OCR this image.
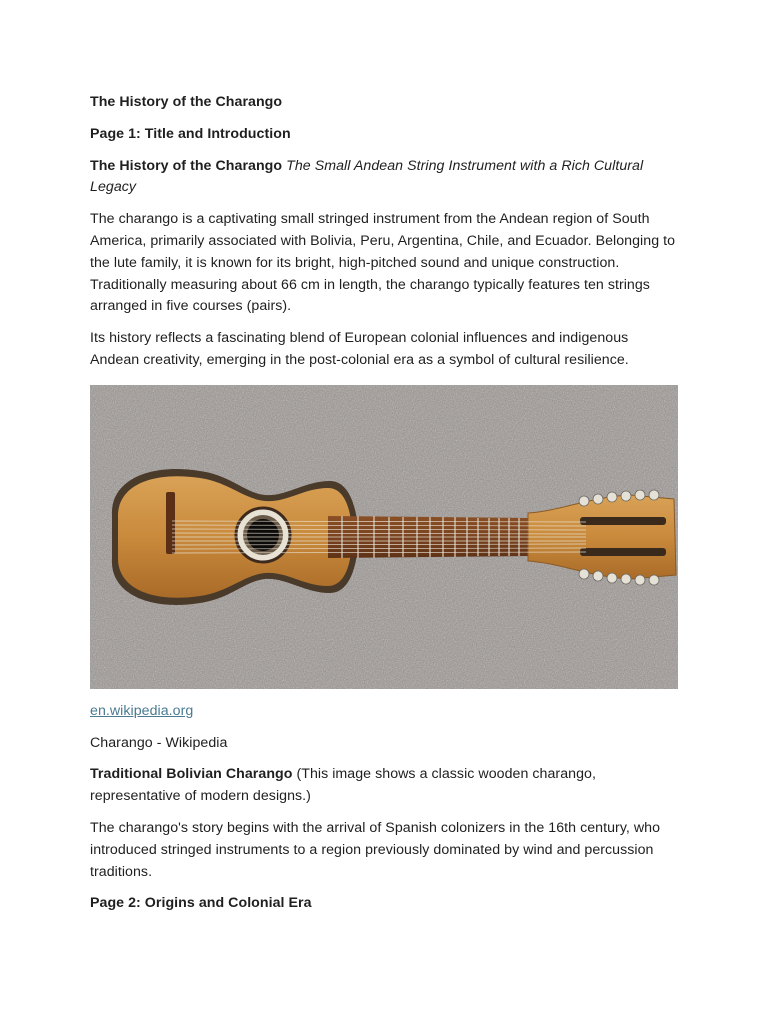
The History of the Charango

Page 1: Title and Introduction

The History of the Charango The Small Andean String Instrument with a Rich Cultural Legacy

The charango is a captivating small stringed instrument from the Andean region of South America, primarily associated with Bolivia, Peru, Argentina, Chile, and Ecuador. Belonging to the lute family, it is known for its bright, high-pitched sound and unique construction. Traditionally measuring about 66 cm in length, the charango typically features ten strings arranged in five courses (pairs).

Its history reflects a fascinating blend of European colonial influences and indigenous Andean creativity, emerging in the post-colonial era as a symbol of cultural resilience.

en.wikipedia.org

Charango - Wikipedia

Traditional Bolivian Charango (This image shows a classic wooden charango, representative of modern designs.)

The charango's story begins with the arrival of Spanish colonizers in the 16th century, who introduced stringed instruments to a region previously dominated by wind and percussion traditions.

Page 2: Origins and Colonial Era
